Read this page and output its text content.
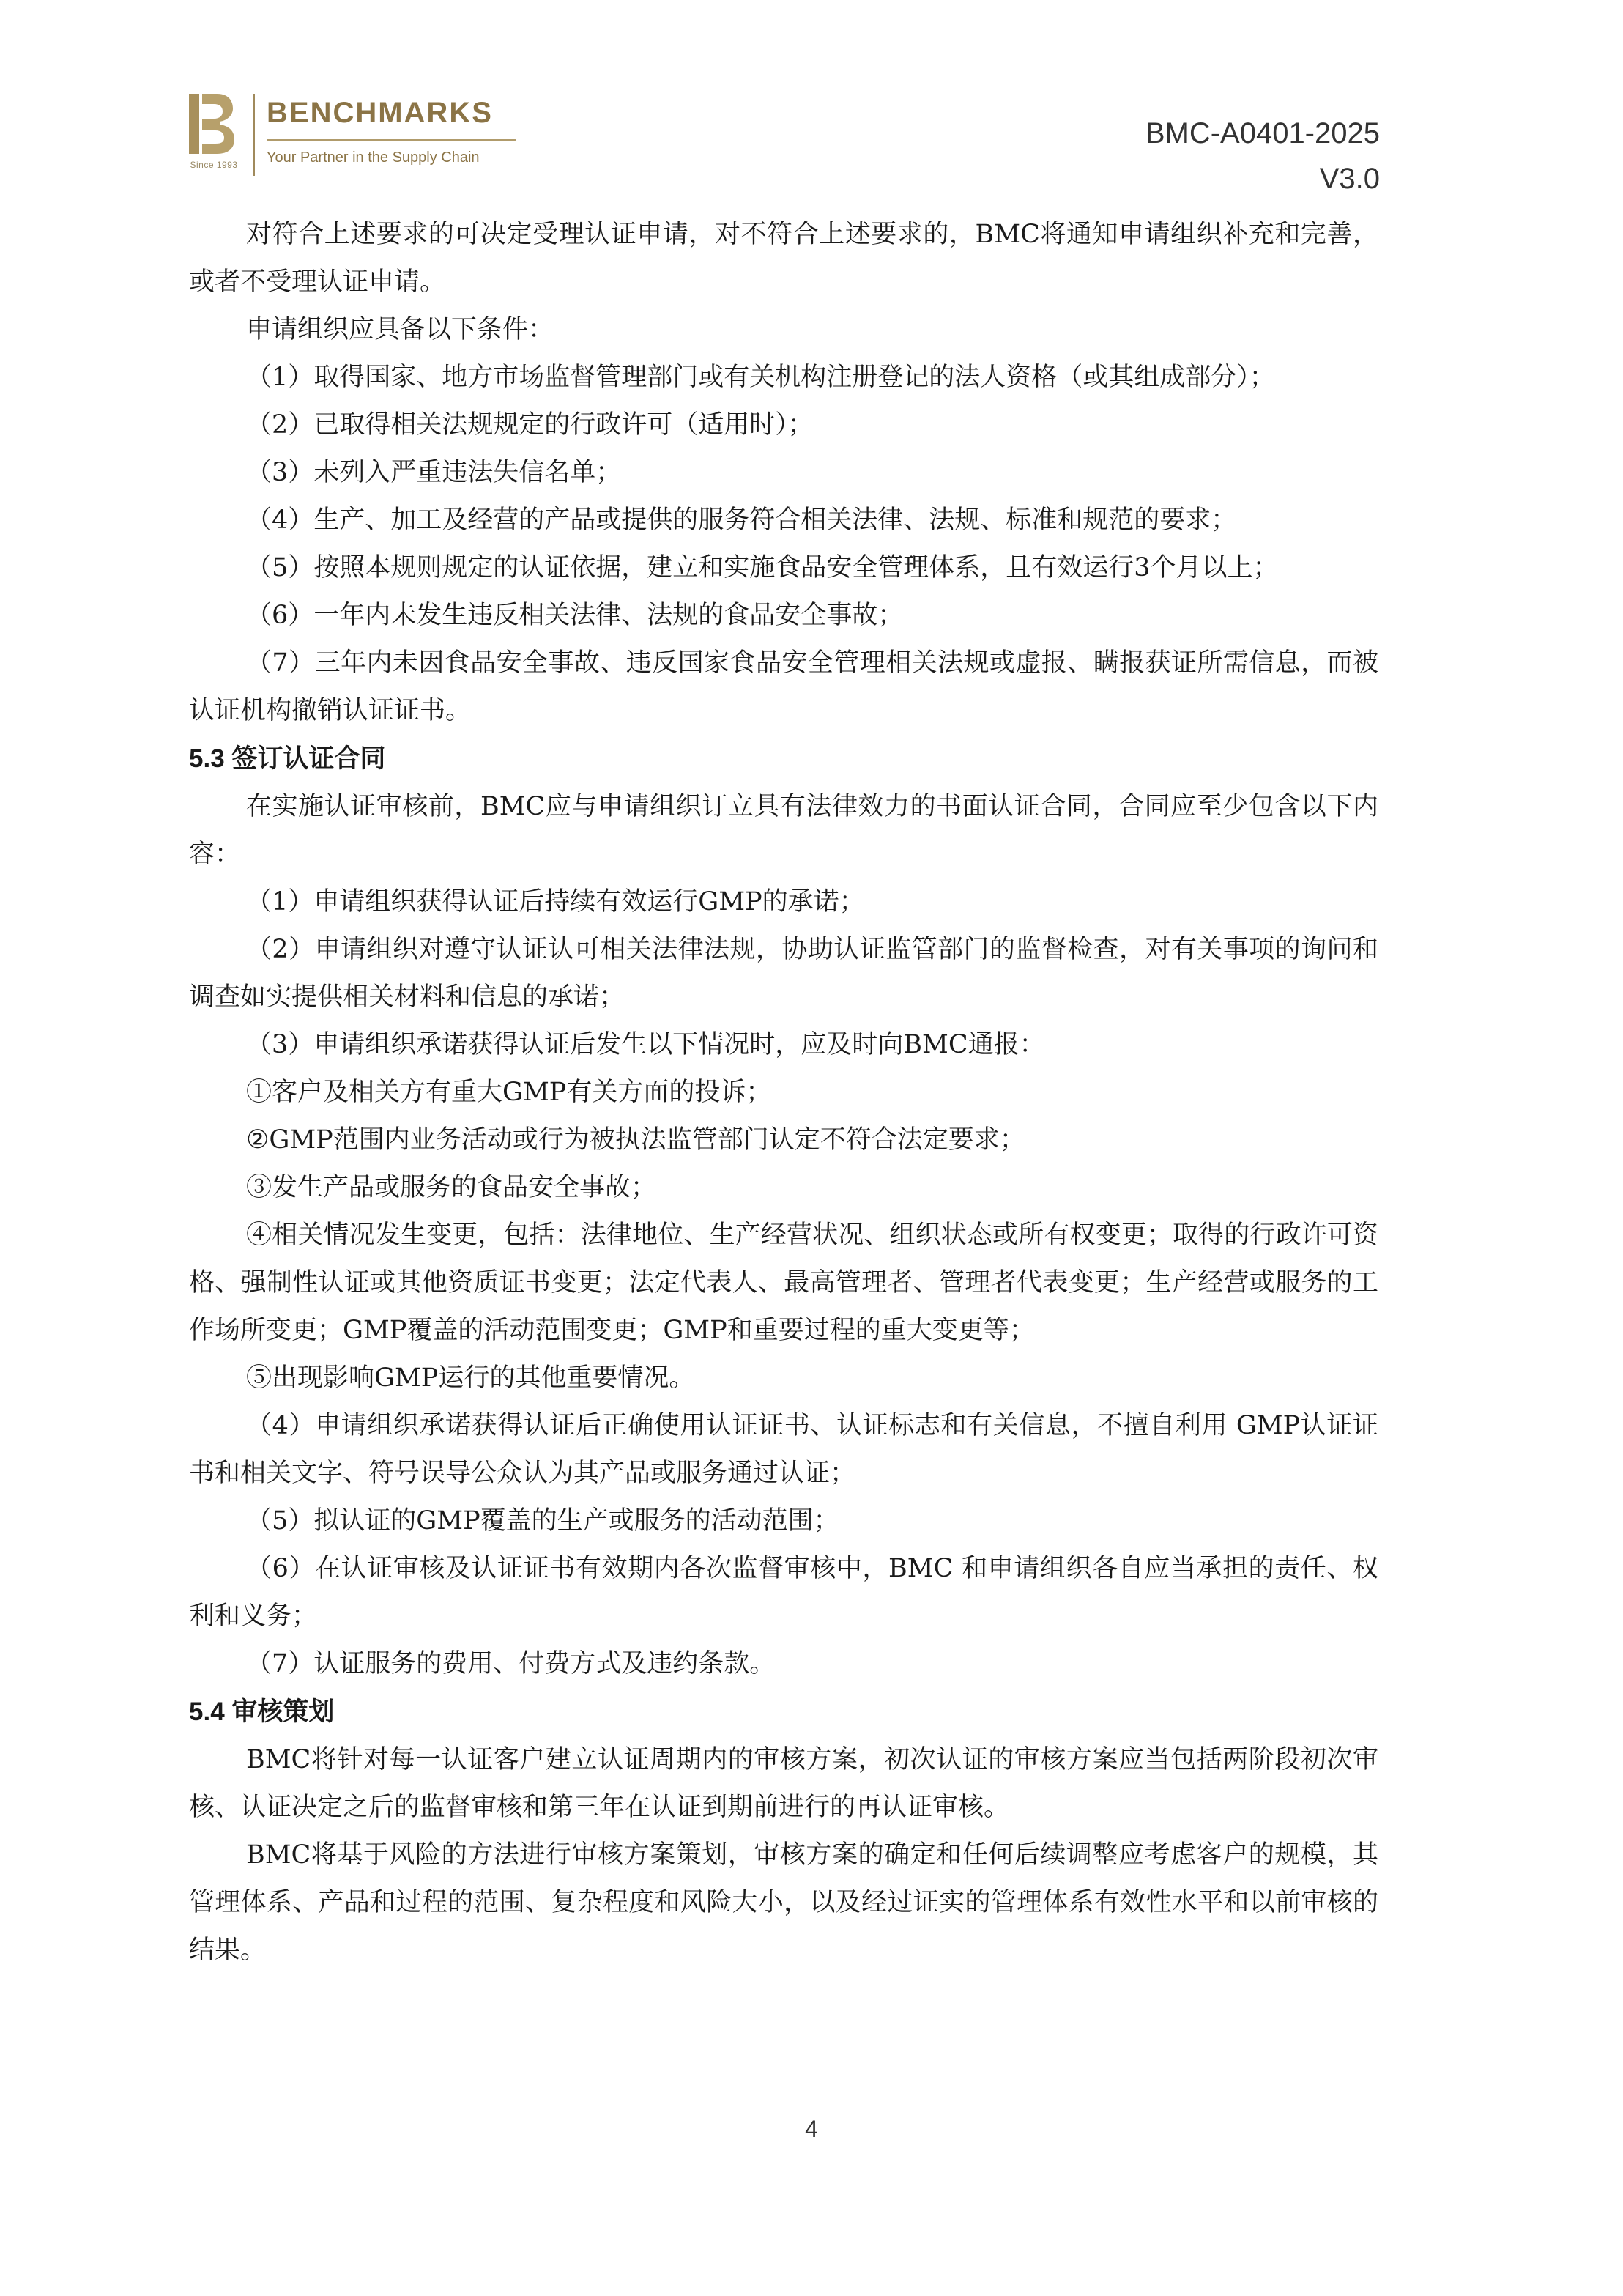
Since 1993
BENCHMARKS
Your Partner in the Supply Chain
BMC-A0401-2025
V3.0

对符合上述要求的可决定受理认证申请，对不符合上述要求的，BMC将通知申请组织补充和完善，或者不受理认证申请。

申请组织应具备以下条件：

（1）取得国家、地方市场监督管理部门或有关机构注册登记的法人资格（或其组成部分）；

（2）已取得相关法规规定的行政许可（适用时）；

（3）未列入严重违法失信名单；

（4）生产、加工及经营的产品或提供的服务符合相关法律、法规、标准和规范的要求；

（5）按照本规则规定的认证依据，建立和实施食品安全管理体系，且有效运行3个月以上；

（6）一年内未发生违反相关法律、法规的食品安全事故；

（7）三年内未因食品安全事故、违反国家食品安全管理相关法规或虚报、瞒报获证所需信息，而被认证机构撤销认证证书。

5.3 签订认证合同

在实施认证审核前，BMC应与申请组织订立具有法律效力的书面认证合同，合同应至少包含以下内容：

（1）申请组织获得认证后持续有效运行GMP的承诺；

（2）申请组织对遵守认证认可相关法律法规，协助认证监管部门的监督检查，对有关事项的询问和调查如实提供相关材料和信息的承诺；

（3）申请组织承诺获得认证后发生以下情况时，应及时向BMC通报：

①客户及相关方有重大GMP有关方面的投诉；

②GMP范围内业务活动或行为被执法监管部门认定不符合法定要求；

③发生产品或服务的食品安全事故；

④相关情况发生变更，包括：法律地位、生产经营状况、组织状态或所有权变更；取得的行政许可资格、强制性认证或其他资质证书变更；法定代表人、最高管理者、管理者代表变更；生产经营或服务的工作场所变更；GMP覆盖的活动范围变更；GMP和重要过程的重大变更等；

⑤出现影响GMP运行的其他重要情况。

（4）申请组织承诺获得认证后正确使用认证证书、认证标志和有关信息，不擅自利用 GMP认证证书和相关文字、符号误导公众认为其产品或服务通过认证；

（5）拟认证的GMP覆盖的生产或服务的活动范围；

（6）在认证审核及认证证书有效期内各次监督审核中，BMC 和申请组织各自应当承担的责任、权利和义务；

（7）认证服务的费用、付费方式及违约条款。

5.4 审核策划

BMC将针对每一认证客户建立认证周期内的审核方案，初次认证的审核方案应当包括两阶段初次审核、认证决定之后的监督审核和第三年在认证到期前进行的再认证审核。

BMC将基于风险的方法进行审核方案策划，审核方案的确定和任何后续调整应考虑客户的规模，其管理体系、产品和过程的范围、复杂程度和风险大小，以及经过证实的管理体系有效性水平和以前审核的结果。

4
